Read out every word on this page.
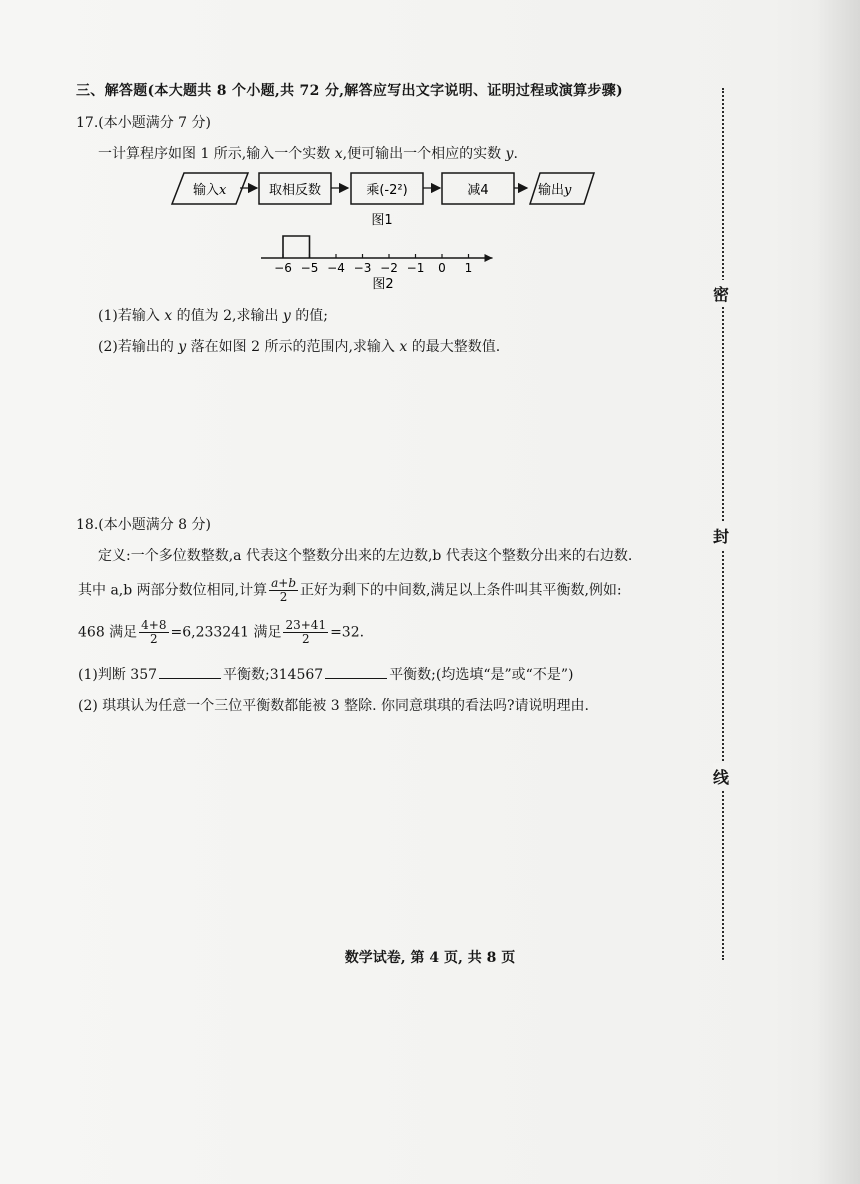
三、解答题(本大题共 8 个小题,共 72 分,解答应写出文字说明、证明过程或演算步骤)
17.(本小题满分 7 分)
一计算程序如图 1 所示,输入一个实数 x,便可输出一个相应的实数 y.
输入x	取相反数	乘(-2²)	减4	输出y
图1
−6 −5 −4 −3 −2 −1 0 1
图2
(1)若输入 x 的值为 2,求输出 y 的值;
(2)若输出的 y 落在如图 2 所示的范围内,求输入 x 的最大整数值.
18.(本小题满分 8 分)
定义:一个多位数整数,a 代表这个整数分出来的左边数,b 代表这个整数分出来的右边数.
其中 a,b 两部分数位相同,计算 $\frac{a+b}{2}$ 正好为剩下的中间数,满足以上条件叫其平衡数,例如:
468 满足 $\frac{4+8}{2} =6,233241$ 满足 $\frac{23+41}{2} =32$.
(1)判断 357	平衡数;314567	平衡数;(均选填“是”或“不是”)
(2) 琪琪认为任意一个三位平衡数都能被 3 整除. 你同意琪琪的看法吗?请说明理由.
密
封
线
数学试卷, 第 4 页, 共 8 页
